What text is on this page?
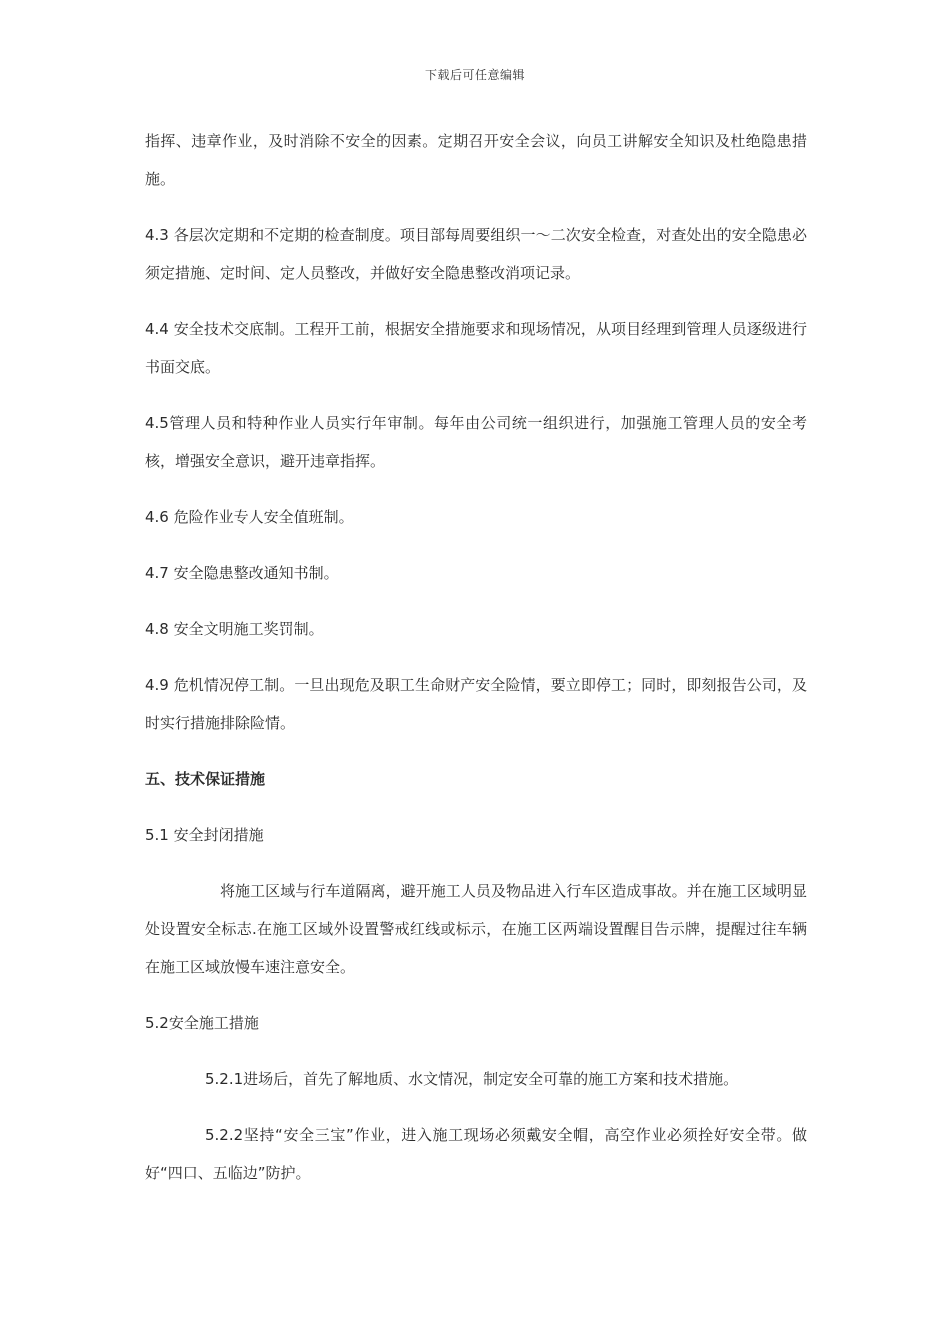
下载后可任意编辑

指挥、违章作业，及时消除不安全的因素。定期召开安全会议，向员工讲解安全知识及杜绝隐患措施。

4.3 各层次定期和不定期的检查制度。项目部每周要组织一～二次安全检查，对查处出的安全隐患必须定措施、定时间、定人员整改，并做好安全隐患整改消项记录。

4.4 安全技术交底制。工程开工前，根据安全措施要求和现场情况，从项目经理到管理人员逐级进行书面交底。

4.5管理人员和特种作业人员实行年审制。每年由公司统一组织进行，加强施工管理人员的安全考核，增强安全意识，避开违章指挥。

4.6 危险作业专人安全值班制。

4.7 安全隐患整改通知书制。

4.8 安全文明施工奖罚制。

4.9 危机情况停工制。一旦出现危及职工生命财产安全险情，要立即停工；同时，即刻报告公司，及时实行措施排除险情。

五、技术保证措施

5.1 安全封闭措施

将施工区域与行车道隔离，避开施工人员及物品进入行车区造成事故。并在施工区域明显处设置安全标志.在施工区域外设置警戒红线或标示，在施工区两端设置醒目告示牌，提醒过往车辆在施工区域放慢车速注意安全。

5.2安全施工措施

5.2.1进场后，首先了解地质、水文情况，制定安全可靠的施工方案和技术措施。

5.2.2坚持“安全三宝”作业，进入施工现场必须戴安全帽，高空作业必须拴好安全带。做好“四口、五临边”防护。
